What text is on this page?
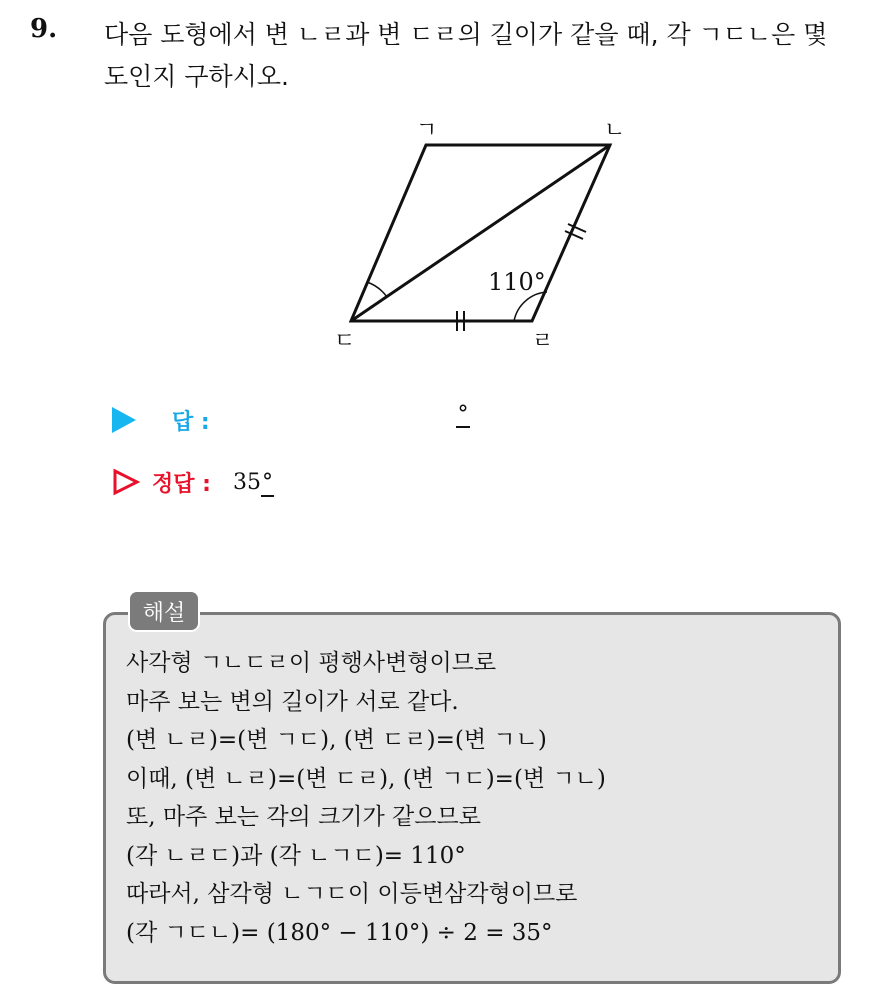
9. 다음 도형에서 변 ㄴㄹ과 변 ㄷㄹ의 길이가 같을 때, 각 ㄱㄷㄴ은 몇
도인지 구하시오.
ㄱ	ㄴ
ㄷ	ㄹ
110°
답 :	°
정답 : 35°
해설
사각형 ㄱㄴㄷㄹ이 평행사변형이므로
마주 보는 변의 길이가 서로 같다.
(변 ㄴㄹ)=(변 ㄱㄷ), (변 ㄷㄹ)=(변 ㄱㄴ)
이때, (변 ㄴㄹ)=(변 ㄷㄹ), (변 ㄱㄷ)=(변 ㄱㄴ)
또, 마주 보는 각의 크기가 같으므로
(각 ㄴㄹㄷ)과 (각 ㄴㄱㄷ)= 110°
따라서, 삼각형 ㄴㄱㄷ이 이등변삼각형이므로
(각 ㄱㄷㄴ)= (180° − 110°) ÷ 2 = 35°
